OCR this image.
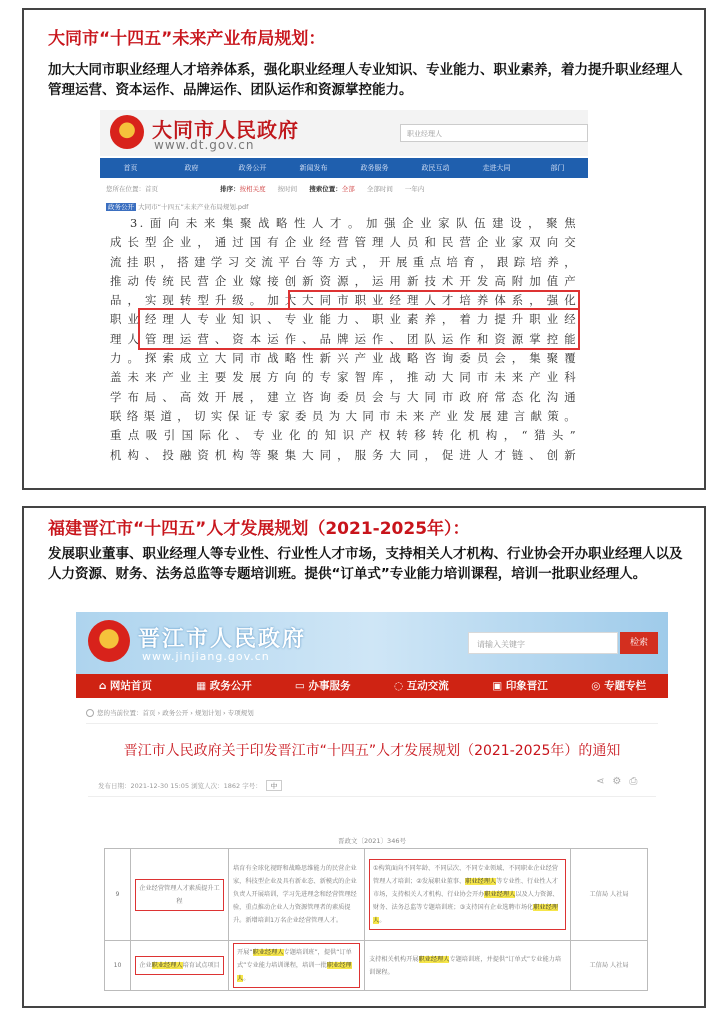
大同市“十四五”未来产业布局规划：
加大大同市职业经理人才培养体系，强化职业经理人专业知识、专业能力、职业素养，着力提升职业经理人管理运营、资本运作、品牌运作、团队运作和资源掌控能力。
大同市人民政府
www.dt.gov.cn
职业经理人
首页	政府	政务公开	新闻发布	政务服务	政民互动	走进大同	部门
您所在位置：首页	排序：按相关度 按时间 搜索位置：全部 全部时间 一年内
政务公开 大同市“十四五”未来产业布局规划.pdf
3.面向未来集聚战略性人才。加强企业家队伍建设，聚焦
成长型企业，通过国有企业经营管理人员和民营企业家双向交
流挂职，搭建学习交流平台等方式，开展重点培育，跟踪培养，
推动传统民营企业嫁接创新资源，运用新技术开发高附加值产
品，实现转型升级。加大大同市职业经理人才培养体系，强化
职业经理人专业知识、专业能力、职业素养，着力提升职业经
理人管理运营、资本运作、品牌运作、团队运作和资源掌控能
力。探索成立大同市战略性新兴产业战略咨询委员会，集聚覆
盖未来产业主要发展方向的专家智库，推动大同市未来产业科
学布局、高效开展，建立咨询委员会与大同市政府常态化沟通
联络渠道，切实保证专家委员为大同市未来产业发展建言献策。
重点吸引国际化、专业化的知识产权转移转化机构，“猎头”
机构、投融资机构等聚集大同，服务大同，促进人才链、创新
福建晋江市“十四五”人才发展规划（2021-2025年）：
发展职业董事、职业经理人等专业性、行业性人才市场，支持相关人才机构、行业协会开办职业经理人以及人力资源、财务、法务总监等专题培训班。提供“订单式”专业能力培训课程，培训一批职业经理人。
晋江市人民政府
www.jinjiang.gov.cn
请输入关键字	检索
⌂ 网站首页	▦ 政务公开	▭ 办事服务	◌ 互动交流	▣ 印象晋江	◎ 专题专栏
您的当前位置：首页 › 政务公开 › 规划计划 › 专项规划
晋江市人民政府关于印发晋江市“十四五”人才发展规划（2021-2025年）的通知
发布日期：2021-12-30 15:05 浏览人次：1862 字号： 中	⋖⚙⎙
晋政文〔2021〕346号
9	企业经营管理人才素质提升工程	培育有全球化视野和战略思维能力的民营企业家，科技型企业及具有新业态、新模式的企业负责人开展培训，学习先进理念和经营管理经验，重点推动企业人力资源管理者的素质提升。新增培训1万名企业经营管理人才。	①构筑面向不同年龄、不同层次、不同专业领域、不同职业企业经营管理人才培训；②发展职业董事、职业经理人等专业性、行业性人才市场，支持相关人才机构、行业协会开办职业经理人以及人力资源、财务、法务总监等专题培训班；③支持国有企业选聘市场化职业经理人。	工信局 人社局
10	企业职业经理人培育试点项目	开展“职业经理人专题培训班”，提供“订单式”专业能力培训课程，培训一批职业经理人。	支持相关机构开展职业经理人专题培训班，并提供“订单式”专业能力培训课程。	工信局 人社局
